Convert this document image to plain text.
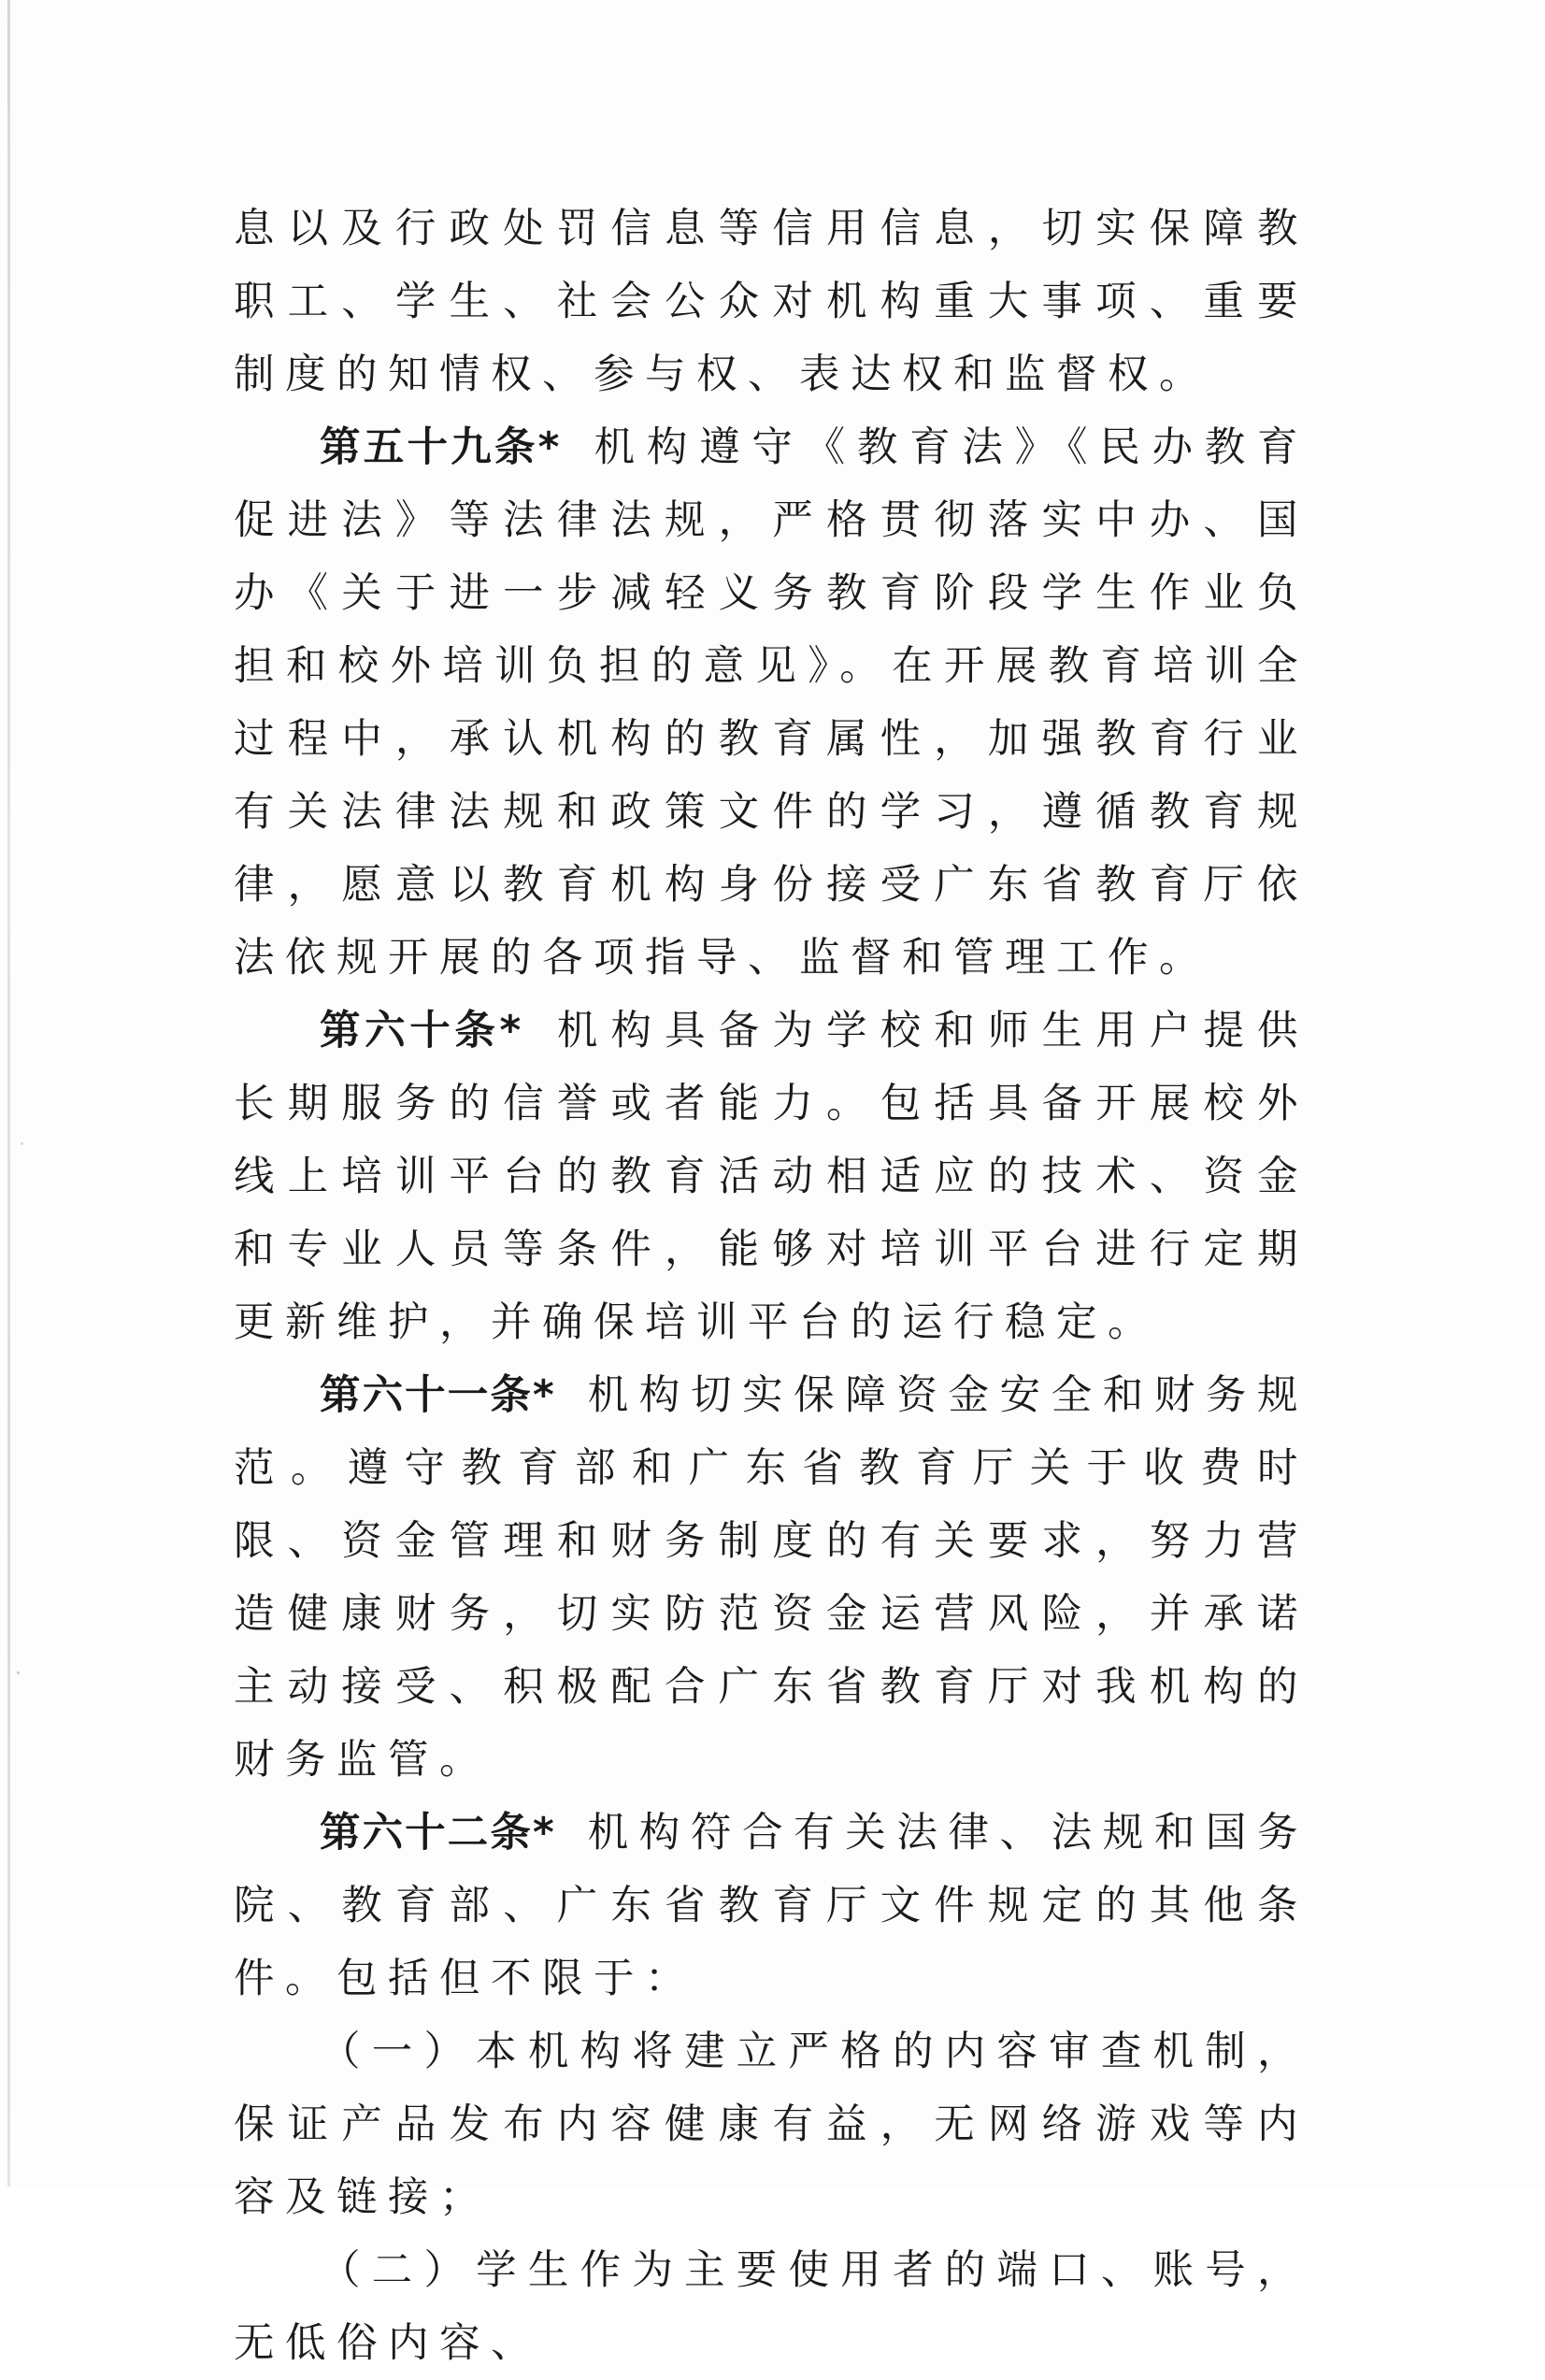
息以及行政处罚信息等信用信息，切实保障教职工、学生、社会公众对机构重大事项、重要制度的知情权、参与权、表达权和监督权。

第五十九条* 机构遵守《教育法》《民办教育促进法》等法律法规，严格贯彻落实中办、国办《关于进一步减轻义务教育阶段学生作业负担和校外培训负担的意见》。在开展教育培训全过程中，承认机构的教育属性，加强教育行业有关法律法规和政策文件的学习，遵循教育规律，愿意以教育机构身份接受广东省教育厅依法依规开展的各项指导、监督和管理工作。

第六十条* 机构具备为学校和师生用户提供长期服务的信誉或者能力。包括具备开展校外线上培训平台的教育活动相适应的技术、资金和专业人员等条件，能够对培训平台进行定期更新维护，并确保培训平台的运行稳定。

第六十一条* 机构切实保障资金安全和财务规范。遵守教育部和广东省教育厅关于收费时限、资金管理和财务制度的有关要求，努力营造健康财务，切实防范资金运营风险，并承诺主动接受、积极配合广东省教育厅对我机构的财务监管。

第六十二条* 机构符合有关法律、法规和国务院、教育部、广东省教育厅文件规定的其他条件。包括但不限于：

（一）本机构将建立严格的内容审查机制，保证产品发布内容健康有益，无网络游戏等内容及链接；

（二）学生作为主要使用者的端口、账号，无低俗内容、
